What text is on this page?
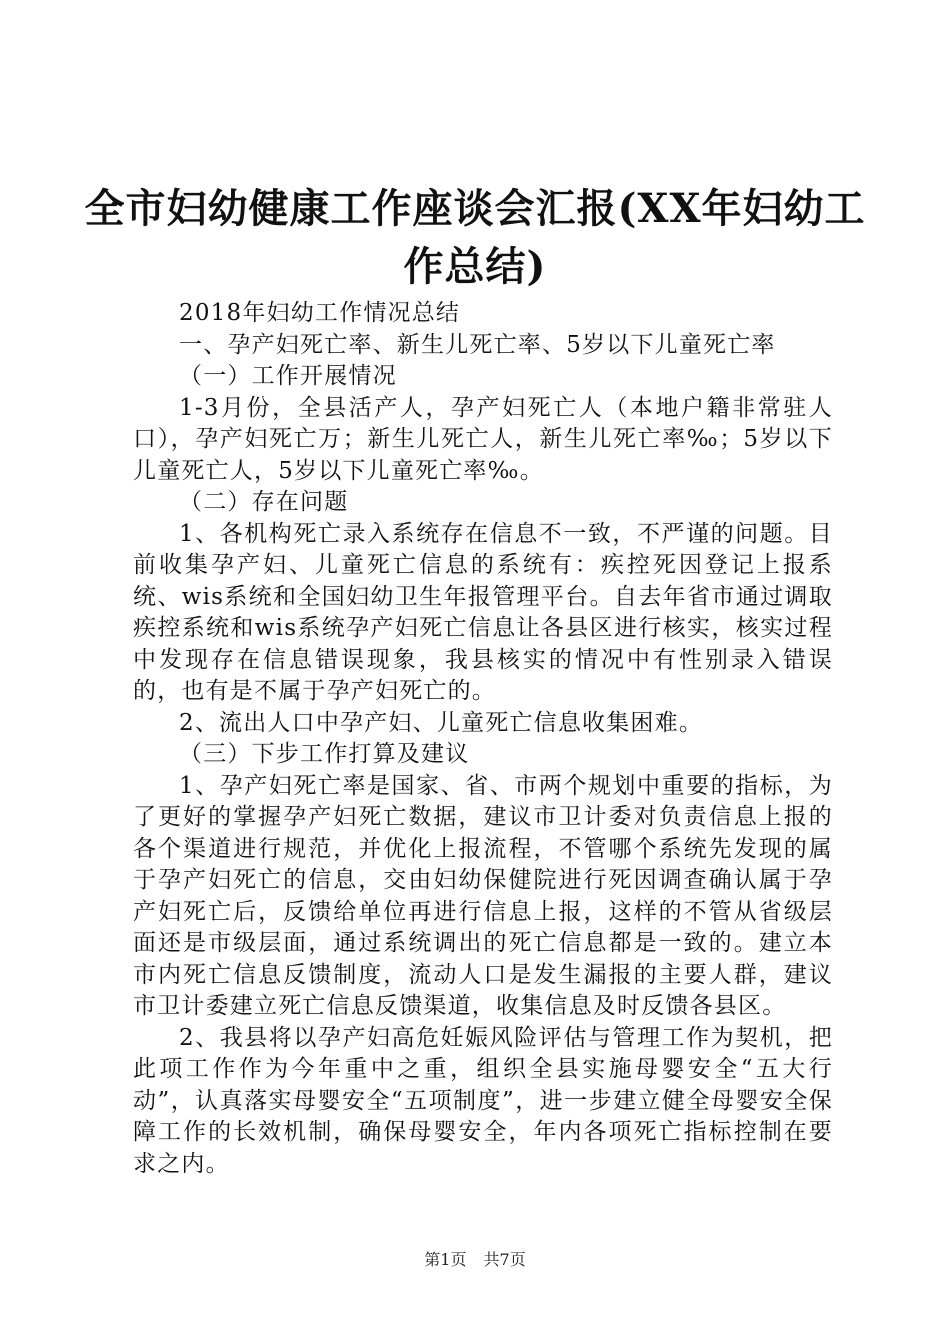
全市妇幼健康工作座谈会汇报(XX年妇幼工作总结)

2018年妇幼工作情况总结

一、孕产妇死亡率、新生儿死亡率、5岁以下儿童死亡率

（一）工作开展情况

1-3月份，全县活产人，孕产妇死亡人（本地户籍非常驻人口），孕产妇死亡万；新生儿死亡人，新生儿死亡率‰；5岁以下儿童死亡人，5岁以下儿童死亡率‰。

（二）存在问题

1、各机构死亡录入系统存在信息不一致，不严谨的问题。目前收集孕产妇、儿童死亡信息的系统有：疾控死因登记上报系统、wis系统和全国妇幼卫生年报管理平台。自去年省市通过调取疾控系统和wis系统孕产妇死亡信息让各县区进行核实，核实过程中发现存在信息错误现象，我县核实的情况中有性别录入错误的，也有是不属于孕产妇死亡的。

2、流出人口中孕产妇、儿童死亡信息收集困难。

（三）下步工作打算及建议

1、孕产妇死亡率是国家、省、市两个规划中重要的指标，为了更好的掌握孕产妇死亡数据，建议市卫计委对负责信息上报的各个渠道进行规范，并优化上报流程，不管哪个系统先发现的属于孕产妇死亡的信息，交由妇幼保健院进行死因调查确认属于孕产妇死亡后，反馈给单位再进行信息上报，这样的不管从省级层面还是市级层面，通过系统调出的死亡信息都是一致的。建立本市内死亡信息反馈制度，流动人口是发生漏报的主要人群，建议市卫计委建立死亡信息反馈渠道，收集信息及时反馈各县区。

2、我县将以孕产妇高危妊娠风险评估与管理工作为契机，把此项工作作为今年重中之重，组织全县实施母婴安全“五大行动”，认真落实母婴安全“五项制度”，进一步建立健全母婴安全保障工作的长效机制，确保母婴安全，年内各项死亡指标控制在要求之内。

第1页 共7页
